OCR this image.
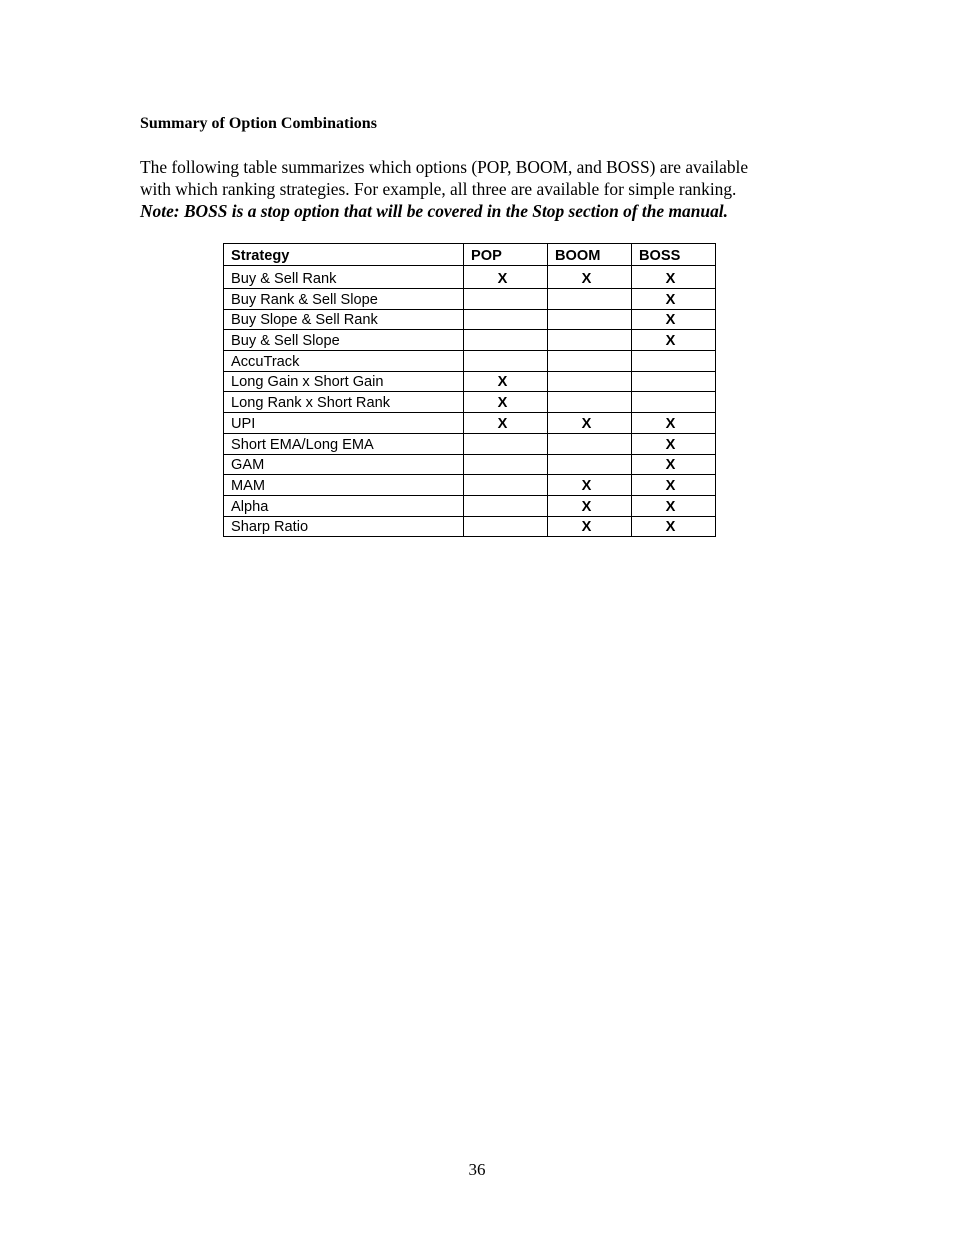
Summary of Option Combinations

The following table summarizes which options (POP, BOOM, and BOSS) are available
with which ranking strategies. For example, all three are available for simple ranking.
Note: BOSS is a stop option that will be covered in the Stop section of the manual.

Strategy	POP	BOOM	BOSS
Buy & Sell Rank	X	X	X
Buy Rank & Sell Slope			X
Buy Slope & Sell Rank			X
Buy & Sell Slope			X
AccuTrack			
Long Gain x Short Gain	X		
Long Rank x Short Rank	X		
UPI	X	X	X
Short EMA/Long EMA			X
GAM			X
MAM		X	X
Alpha		X	X
Sharp Ratio		X	X
36
